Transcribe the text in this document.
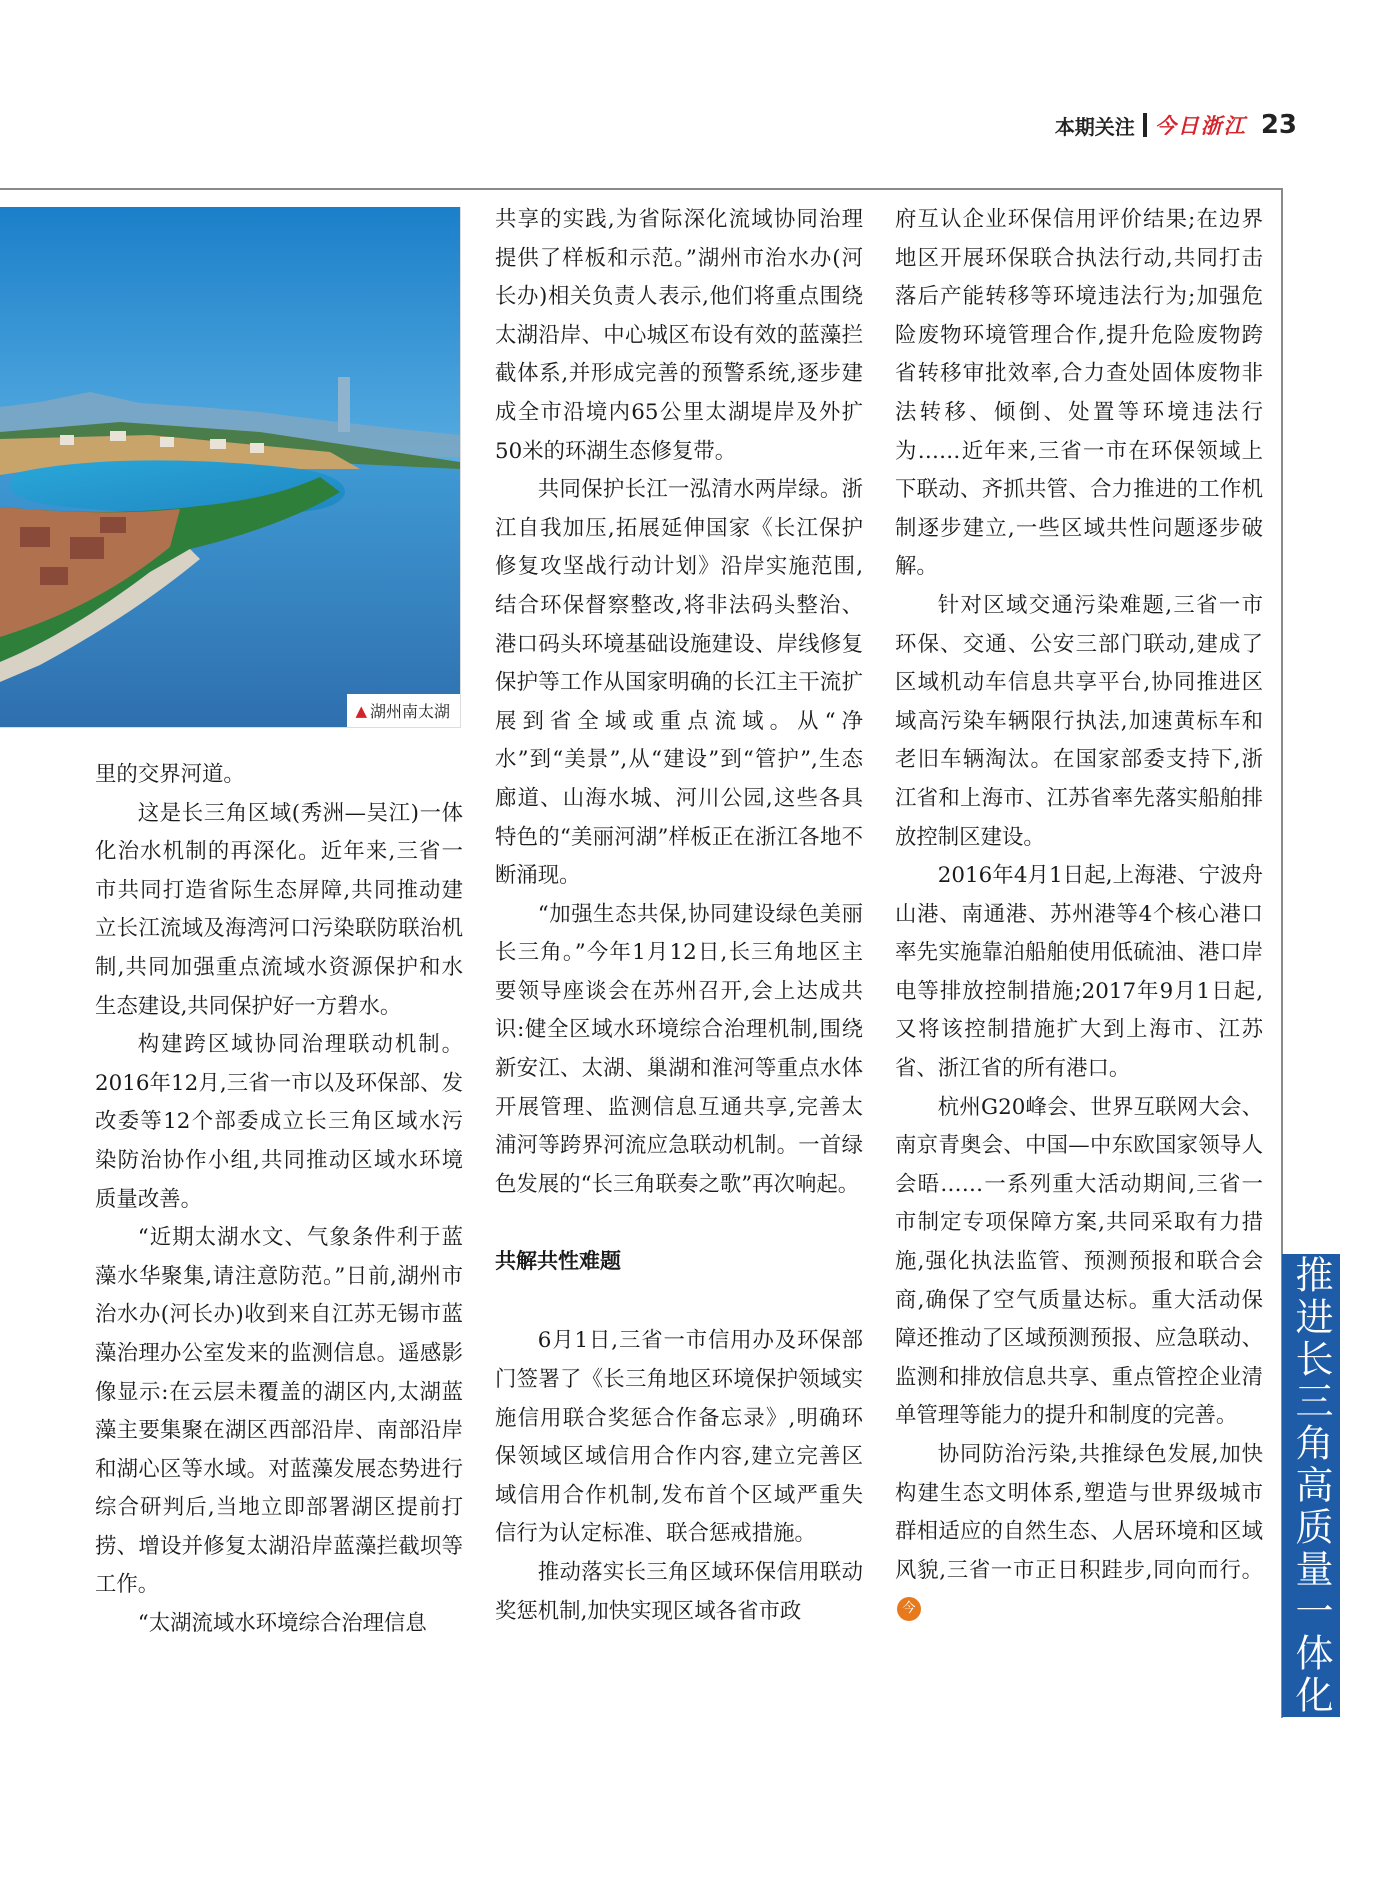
本期关注 今日浙江 23
▲ 湖州南太湖

里的交界河道。

这是长三角区域(秀洲—吴江)一体化治水机制的再深化。近年来,三省一市共同打造省际生态屏障,共同推动建立长江流域及海湾河口污染联防联治机制,共同加强重点流域水资源保护和水生态建设,共同保护好一方碧水。

构建跨区域协同治理联动机制。2016年12月,三省一市以及环保部、发改委等12个部委成立长三角区域水污染防治协作小组,共同推动区域水环境质量改善。

“近期太湖水文、气象条件利于蓝藻水华聚集,请注意防范。”日前,湖州市治水办(河长办)收到来自江苏无锡市蓝藻治理办公室发来的监测信息。遥感影像显示:在云层未覆盖的湖区内,太湖蓝藻主要集聚在湖区西部沿岸、南部沿岸和湖心区等水域。对蓝藻发展态势进行综合研判后,当地立即部署湖区提前打捞、增设并修复太湖沿岸蓝藻拦截坝等工作。

“太湖流域水环境综合治理信息

共享的实践,为省际深化流域协同治理提供了样板和示范。”湖州市治水办(河长办)相关负责人表示,他们将重点围绕太湖沿岸、中心城区布设有效的蓝藻拦截体系,并形成完善的预警系统,逐步建成全市沿境内65公里太湖堤岸及外扩50米的环湖生态修复带。

共同保护长江一泓清水两岸绿。浙江自我加压,拓展延伸国家《长江保护修复攻坚战行动计划》沿岸实施范围,结合环保督察整改,将非法码头整治、港口码头环境基础设施建设、岸线修复保护等工作从国家明确的长江主干流扩展到省全域或重点流域。从“净水”到“美景”,从“建设”到“管护”,生态廊道、山海水城、河川公园,这些各具特色的“美丽河湖”样板正在浙江各地不断涌现。

“加强生态共保,协同建设绿色美丽长三角。”今年1月12日,长三角地区主要领导座谈会在苏州召开,会上达成共识:健全区域水环境综合治理机制,围绕新安江、太湖、巢湖和淮河等重点水体开展管理、监测信息互通共享,完善太浦河等跨界河流应急联动机制。一首绿色发展的“长三角联奏之歌”再次响起。

共解共性难题

6月1日,三省一市信用办及环保部门签署了《长三角地区环境保护领域实施信用联合奖惩合作备忘录》,明确环保领域区域信用合作内容,建立完善区域信用合作机制,发布首个区域严重失信行为认定标准、联合惩戒措施。

推动落实长三角区域环保信用联动奖惩机制,加快实现区域各省市政

府互认企业环保信用评价结果;在边界地区开展环保联合执法行动,共同打击落后产能转移等环境违法行为;加强危险废物环境管理合作,提升危险废物跨省转移审批效率,合力查处固体废物非法转移、倾倒、处置等环境违法行为……近年来,三省一市在环保领域上下联动、齐抓共管、合力推进的工作机制逐步建立,一些区域共性问题逐步破解。

针对区域交通污染难题,三省一市环保、交通、公安三部门联动,建成了区域机动车信息共享平台,协同推进区域高污染车辆限行执法,加速黄标车和老旧车辆淘汰。在国家部委支持下,浙江省和上海市、江苏省率先落实船舶排放控制区建设。

2016年4月1日起,上海港、宁波舟山港、南通港、苏州港等4个核心港口率先实施靠泊船舶使用低硫油、港口岸电等排放控制措施;2017年9月1日起,又将该控制措施扩大到上海市、江苏省、浙江省的所有港口。

杭州G20峰会、世界互联网大会、南京青奥会、中国—中东欧国家领导人会晤……一系列重大活动期间,三省一市制定专项保障方案,共同采取有力措施,强化执法监管、预测预报和联合会商,确保了空气质量达标。重大活动保障还推动了区域预测预报、应急联动、监测和排放信息共享、重点管控企业清单管理等能力的提升和制度的完善。

协同防治污染,共推绿色发展,加快构建生态文明体系,塑造与世界级城市群相适应的自然生态、人居环境和区域风貌,三省一市正日积跬步,同向而行。今	推进长三角高质量一体化
